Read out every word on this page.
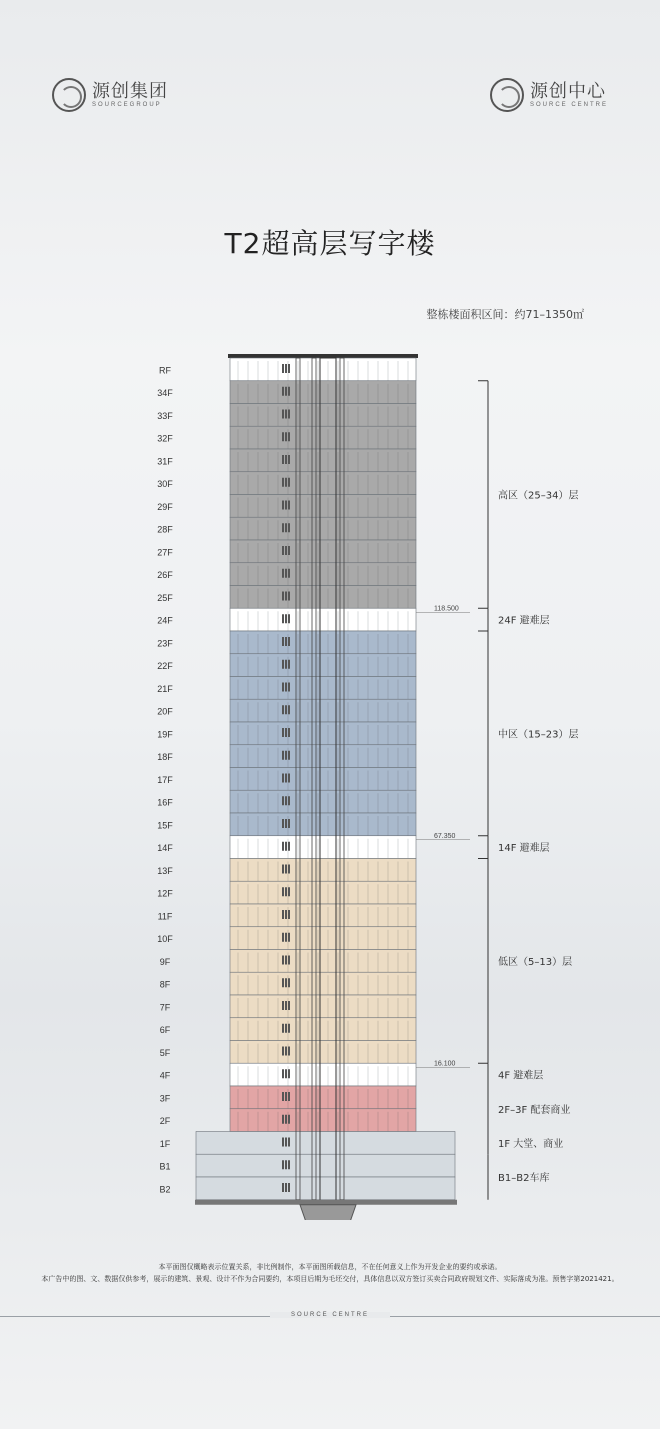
源创集团
SOURCEGROUP
源创中心
SOURCE CENTRE
T2超高层写字楼
整栋楼面积区间：约71–1350㎡
RF
34F
33F
32F
31F
30F
29F
28F
27F
26F
25F
24F
23F
22F
21F
20F
19F
18F
17F
16F
15F
14F
13F
12F
11F
10F
9F
8F
7F
6F
5F
4F
3F
2F
1F
B1
B2
118.500
67.350
16.100
高区（25–34）层
24F 避难层
中区（15–23）层
14F 避难层
低区（5–13）层
4F 避难层
2F–3F 配套商业
1F 大堂、商业
B1–B2车库
本平面图仅概略表示位置关系，非比例制作，本平面图所载信息，不在任何意义上作为开发企业的要约或承诺。
本广告中的图、文、数据仅供参考，展示的建筑、景观、设计不作为合同要约，本项目后期为毛坯交付，具体信息以双方签订买卖合同政府规划文件、实际落成为准。预售字第2021421。
SOURCE CENTRE
